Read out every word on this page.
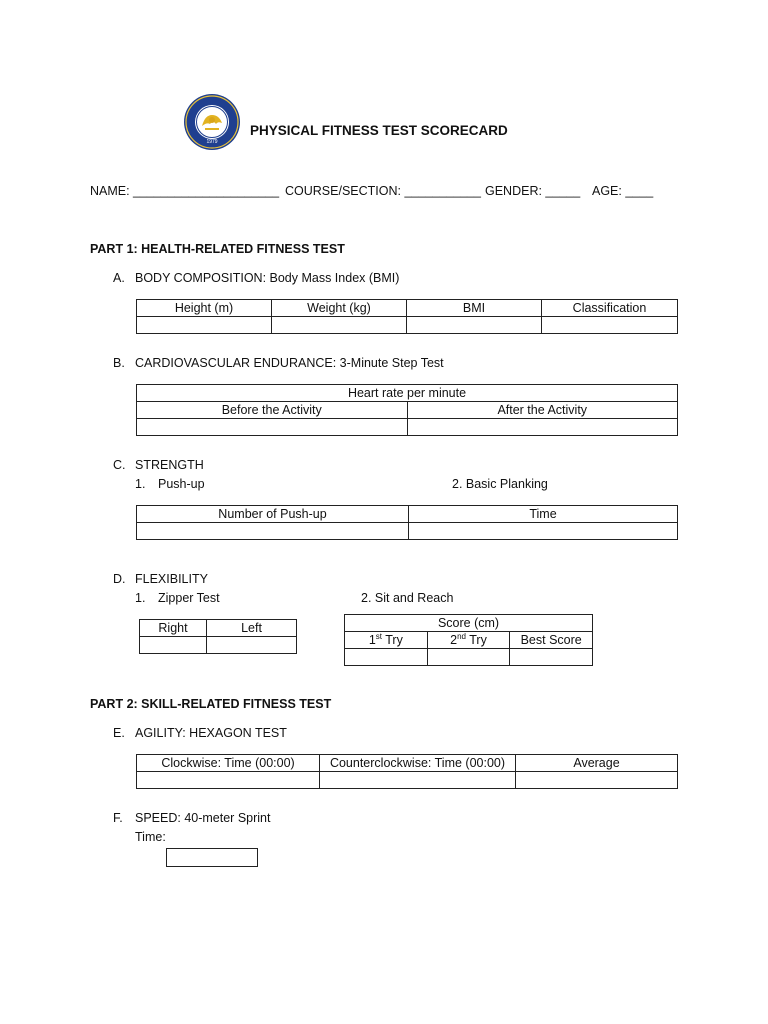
1979
PHYSICAL FITNESS TEST SCORECARD
NAME: _____________________ COURSE/SECTION: ___________ GENDER: _____ AGE: ____
PART 1: HEALTH-RELATED FITNESS TEST
A. BODY COMPOSITION: Body Mass Index (BMI)
Height (m)	Weight (kg)	BMI	Classification

B. CARDIOVASCULAR ENDURANCE: 3-Minute Step Test
Heart rate per minute	
Before the Activity	After the Activity

C. STRENGTH
1. Push-up	2. Basic Planking
Number of Push-up	Time

D. FLEXIBILITY
1. Zipper Test	2. Sit and Reach
Right	Left
		Score (cm)		
1st Try	2nd Try	Best Score

PART 2: SKILL-RELATED FITNESS TEST
E. AGILITY: HEXAGON TEST
Clockwise: Time (00:00)	Counterclockwise: Time (00:00)	Average

F. SPEED: 40-meter Sprint
Time:
